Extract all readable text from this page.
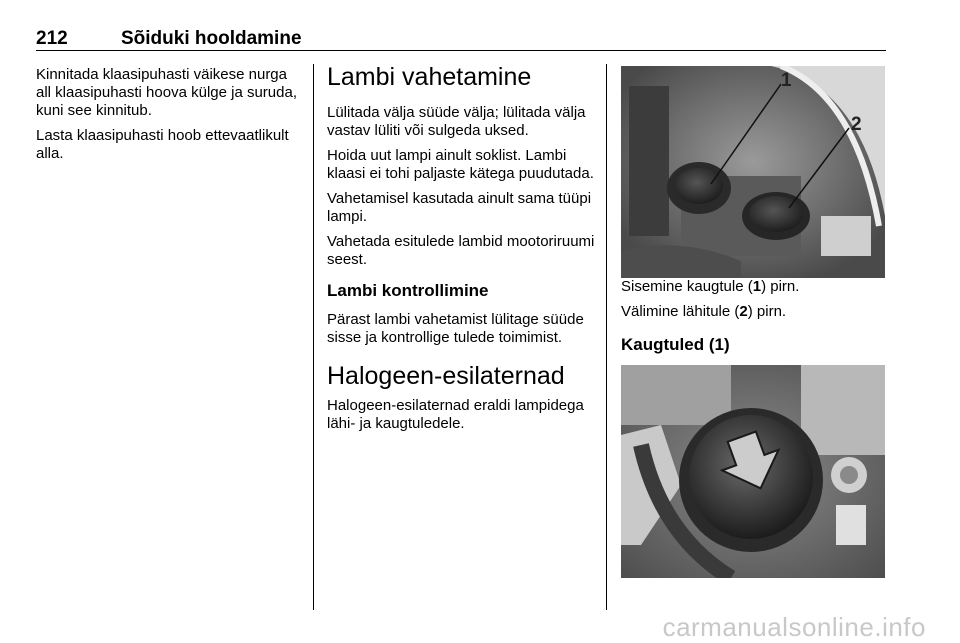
212	Sõiduki hooldamine

Kinnitada klaasipuhasti väikese nurga all klaasipuhasti hoova külge ja suruda, kuni see kinnitub.

Lasta klaasipuhasti hoob ettevaatlikult alla.

Lambi vahetamine

Lülitada välja süüde välja; lülitada välja vastav lüliti või sulgeda uksed.

Hoida uut lampi ainult soklist. Lambi klaasi ei tohi paljaste kätega puudutada.

Vahetamisel kasutada ainult sama tüüpi lampi.

Vahetada esitulede lambid mootoriruumi seest.

Lambi kontrollimine

Pärast lambi vahetamist lülitage süüde sisse ja kontrollige tulede toimimist.

Halogeen-esilaternad

Halogeen-esilaternad eraldi lampidega lähi- ja kaugtuledele.

1
2

Sisemine kaugtule (1) pirn.

Välimine lähitule (2) pirn.

Kaugtuled (1)
carmanualsonline.info
